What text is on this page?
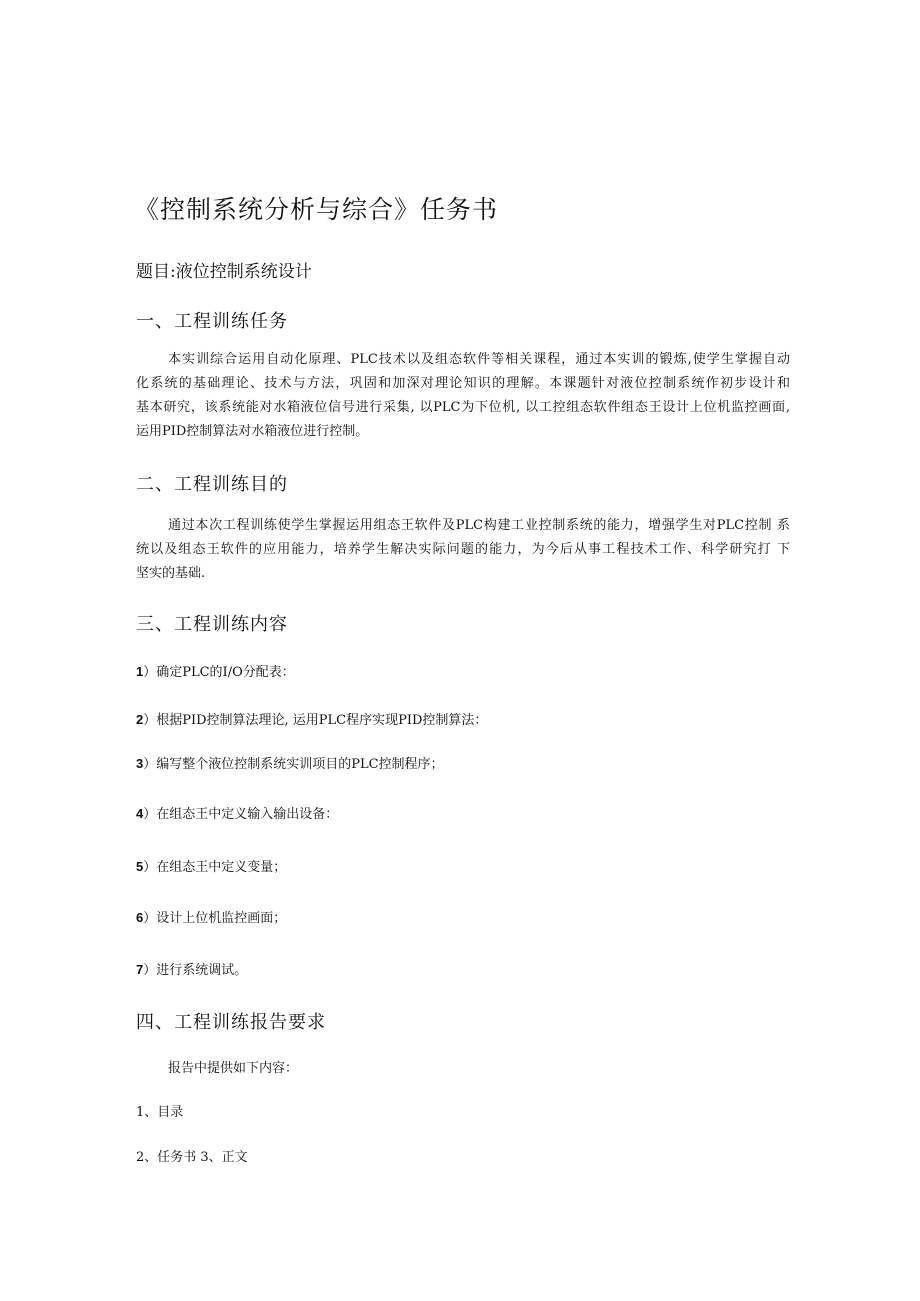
《控制系统分析与综合》任务书
题目:液位控制系统设计
一、工程训练任务
本实训综合运用自动化原理、PLC技术以及组态软件等相关课程，通过本实训的锻炼,使学生掌握自动
化系统的基础理论、技术与方法，巩固和加深对理论知识的理解。本课题针对液位控制系统作初步设计和
基本研究，该系统能对水箱液位信号进行采集, 以PLC为下位机, 以工控组态软件组态王设计上位机监控画面,
运用PID控制算法对水箱液位进行控制。
二、工程训练目的
通过本次工程训练使学生掌握运用组态王软件及PLC构建工业控制系统的能力，增强学生对PLC控制 系
统以及组态王软件的应用能力，培养学生解决实际问题的能力，为今后从事工程技术工作、科学研究打 下
坚实的基础.
三、工程训练内容
1）确定PLC的I/O分配表：
2）根据PID控制算法理论, 运用PLC程序实现PID控制算法：
3）编写整个液位控制系统实训项目的PLC控制程序；
4）在组态王中定义输入输出设备：
5）在组态王中定义变量；
6）设计上位机监控画面；
7）进行系统调试。
四、工程训练报告要求
报告中提供如下内容：
1、目录
2、任务书 3、正文
